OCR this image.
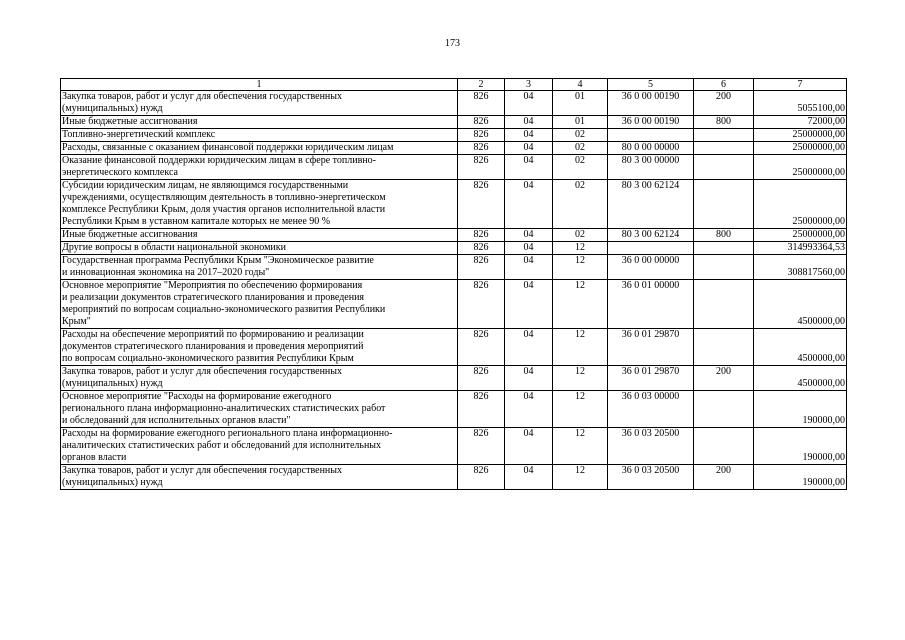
173
1	2	3	4	5	6	7
Закупка товаров, работ и услуг для обеспечения государственных
(муниципальных) нужд	826	04	01	36 0 00 00190	200	5055100,00
Иные бюджетные ассигнования	826	04	01	36 0 00 00190	800	72000,00
Топливно-энергетический комплекс	826	04	02			25000000,00
Расходы, связанные с оказанием финансовой поддержки юридическим лицам	826	04	02	80 0 00 00000		25000000,00
Оказание финансовой поддержки юридическим лицам в сфере топливно-
энергетического комплекса	826	04	02	80 3 00 00000		25000000,00
Субсидии юридическим лицам, не являющимся государственными
учреждениями, осуществляющим деятельность в топливно-энергетическом
комплексе Республики Крым, доля участия органов исполнительной власти
Республики Крым в уставном капитале которых не менее 90 %	826	04	02	80 3 00 62124		25000000,00
Иные бюджетные ассигнования	826	04	02	80 3 00 62124	800	25000000,00
Другие вопросы в области национальной экономики	826	04	12			314993364,53
Государственная программа Республики Крым "Экономическое развитие
и инновационная экономика на 2017–2020 годы"	826	04	12	36 0 00 00000		308817560,00
Основное мероприятие "Мероприятия по обеспечению формирования
и реализации документов стратегического планирования и проведения
мероприятий по вопросам социально-экономического развития Республики
Крым"	826	04	12	36 0 01 00000		4500000,00
Расходы на обеспечение мероприятий по формированию и реализации
документов стратегического планирования и проведения мероприятий
по вопросам социально-экономического развития Республики Крым	826	04	12	36 0 01 29870		4500000,00
Закупка товаров, работ и услуг для обеспечения государственных
(муниципальных) нужд	826	04	12	36 0 01 29870	200	4500000,00
Основное мероприятие "Расходы на формирование ежегодного
регионального плана информационно-аналитических статистических работ
и обследований для исполнительных органов власти"	826	04	12	36 0 03 00000		190000,00
Расходы на формирование ежегодного регионального плана информационно-
аналитических статистических работ и обследований для исполнительных
органов власти	826	04	12	36 0 03 20500		190000,00
Закупка товаров, работ и услуг для обеспечения государственных
(муниципальных) нужд	826	04	12	36 0 03 20500	200	190000,00
